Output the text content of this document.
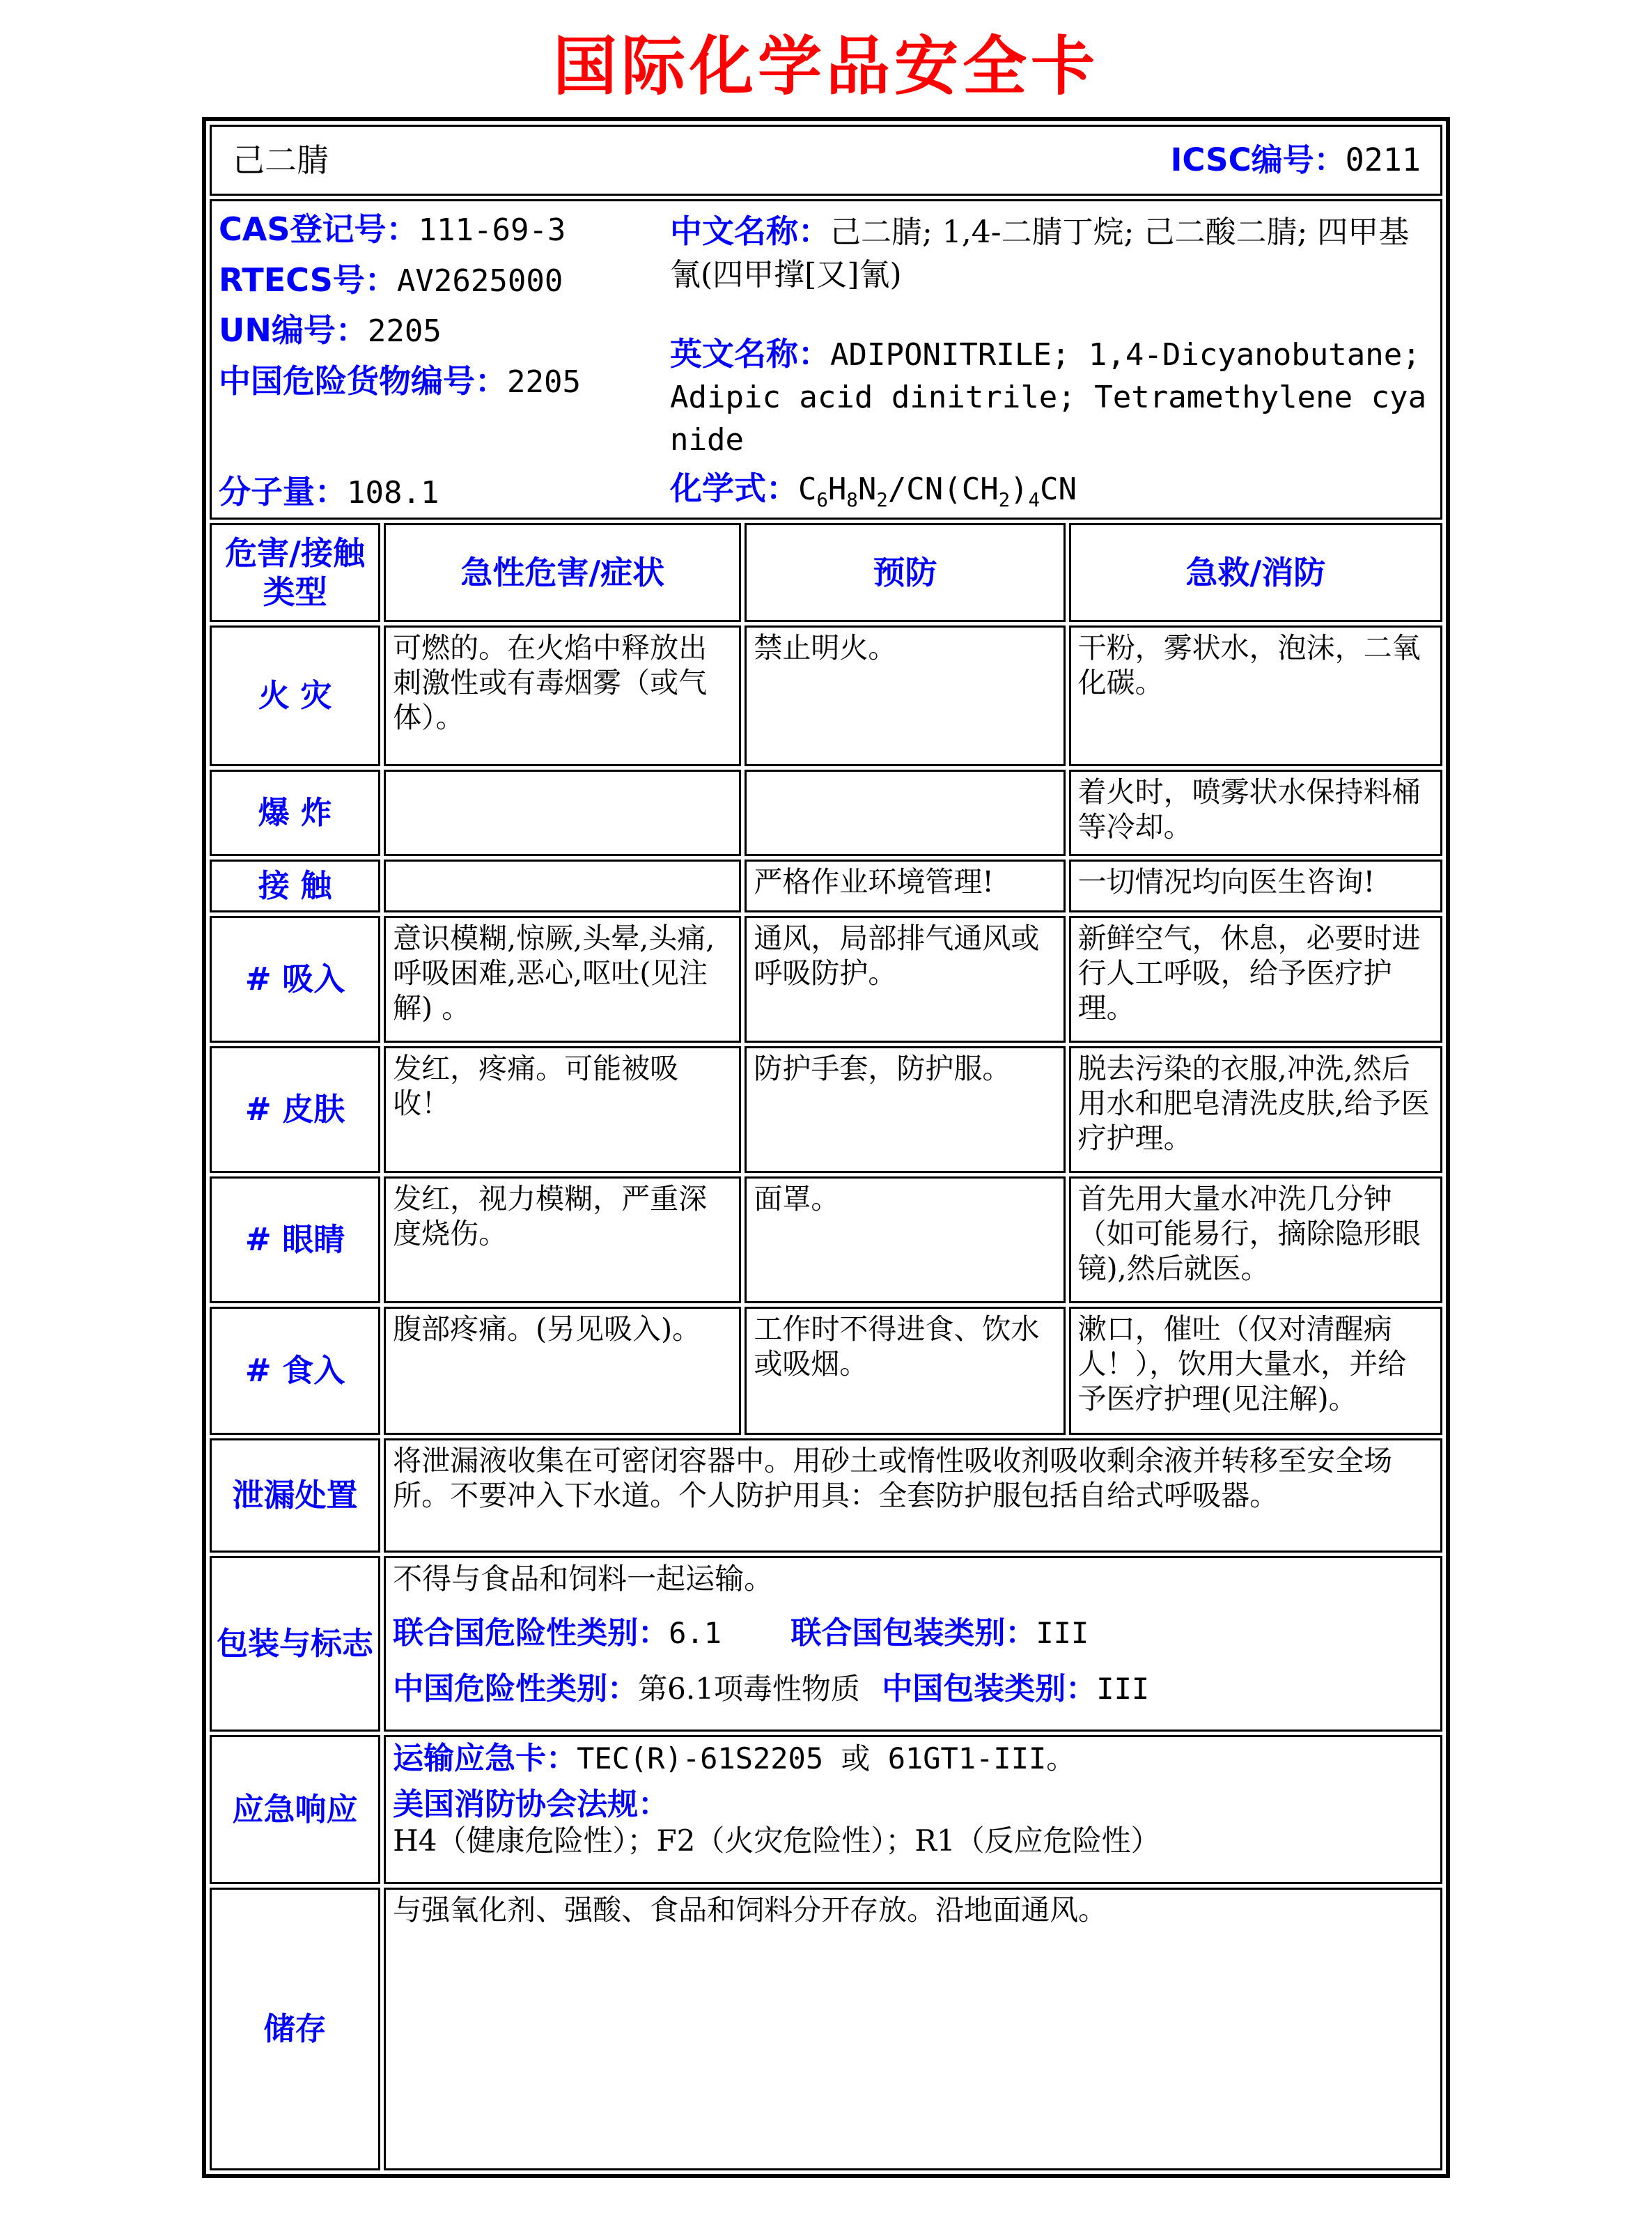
国际化学品安全卡
己二腈 ICSC编号：0211			

CAS登记号：111-69-3
RTECS号：AV2625000
UN编号：2205
中国危险货物编号：2205
分子量：108.1
中文名称：己二腈; 1,4-二腈丁烷; 己二酸二腈; 四甲基氰(四甲撑[又]氰)
英文名称：ADIPONITRILE; 1,4-Dicyanobutane; Adipic acid dinitrile; Tetramethylene cyanide
化学式：$C_6H_8N_2/CN(CH_2)_4CN$

危害/接触类型	急性危害/症状	预防	急救/消防
火 灾	可燃的。在火焰中释放出刺激性或有毒烟雾（或气体）。	禁止明火。	干粉，雾状水，泡沫，二氧化碳。
爆 炸			着火时，喷雾状水保持料桶等冷却。
接 触		严格作业环境管理!	一切情况均向医生咨询!
# 吸入	意识模糊,惊厥,头晕,头痛,呼吸困难,恶心,呕吐(见注解) 。	通风，局部排气通风或呼吸防护。	新鲜空气，休息，必要时进行人工呼吸，给予医疗护理。
# 皮肤	发红，疼痛。可能被吸收！	防护手套，防护服。	脱去污染的衣服,冲洗,然后用水和肥皂清洗皮肤,给予医疗护理。
# 眼睛	发红，视力模糊，严重深度烧伤。	面罩。	首先用大量水冲洗几分钟（如可能易行，摘除隐形眼镜),然后就医。
# 食入	腹部疼痛。(另见吸入)。	工作时不得进食、饮水或吸烟。	漱口，催吐（仅对清醒病人！），饮用大量水，并给予医疗护理(见注解)。
泄漏处置	将泄漏液收集在可密闭容器中。用砂土或惰性吸收剂吸收剩余液并转移至安全场所。不要冲入下水道。个人防护用具：全套防护服包括自给式呼吸器。		
包装与标志	不得与食品和饲料一起运输。
联合国危险性类别：6.1 联合国包装类别：III
中国危险性类别：第6.1项毒性物质 中国包装类别：III		

应急响应	运输应急卡：TEC(R)-61S2205 或 61GT1-III。
美国消防协会法规：H4（健康危险性）；F2（火灾危险性）；R1（反应危险性）		

储存	与强氧化剂、强酸、食品和饲料分开存放。沿地面通风。		
